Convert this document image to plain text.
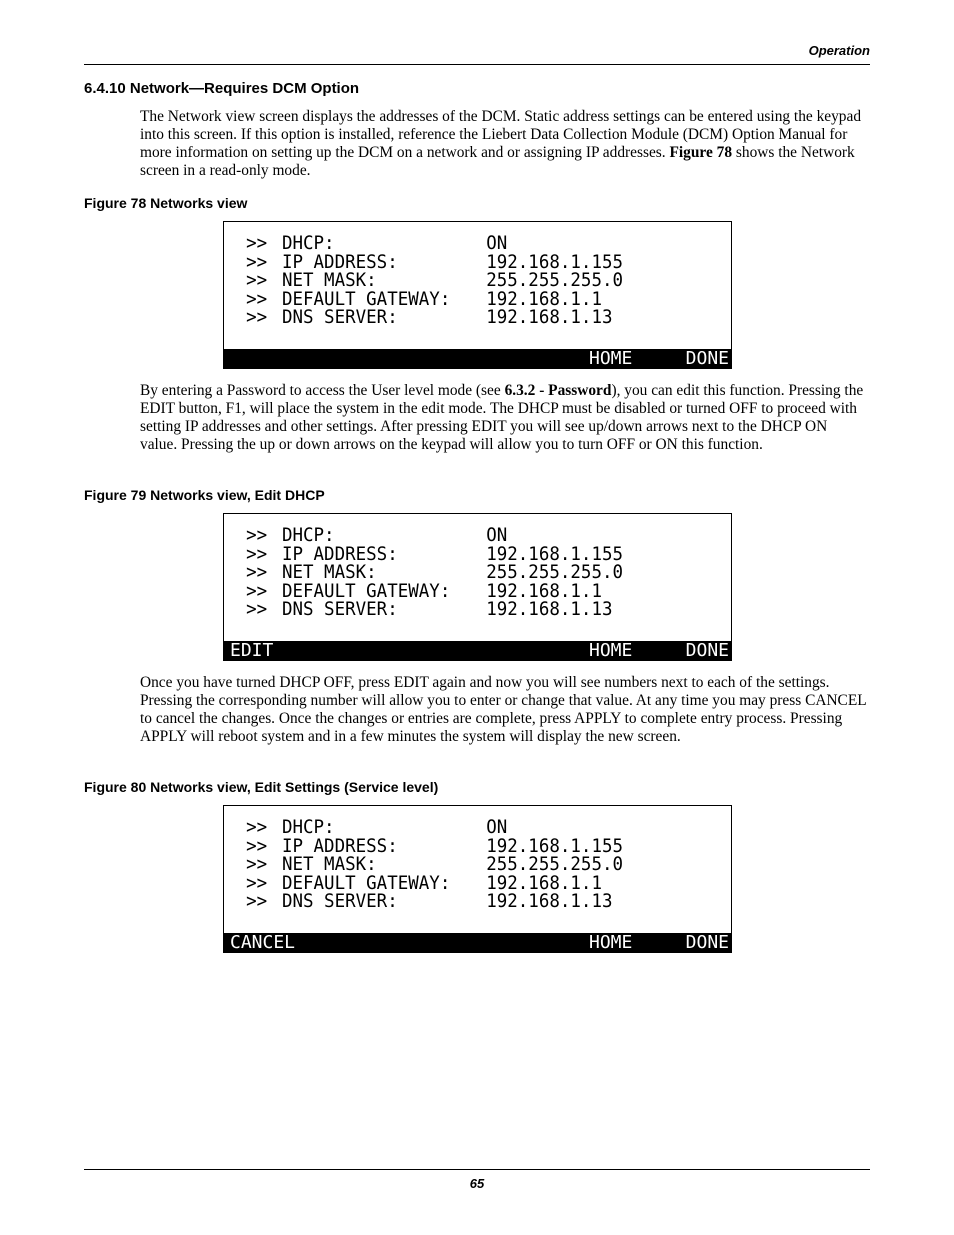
Operation
6.4.10 Network—Requires DCM Option
The Network view screen displays the addresses of the DCM. Static address settings can be entered using the keypad into this screen. If this option is installed, reference the Liebert Data Collection Module (DCM) Option Manual for more information on setting up the DCM on a network and or assigning IP addresses. Figure 78 shows the Network screen in a read-only mode.
Figure 78 Networks view
>> DHCP:	ON
>> IP ADDRESS:	192.168.1.155
>> NET MASK:	255.255.255.0
>> DEFAULT GATEWAY: 192.168.1.1
>> DNS SERVER:	192.168.1.13
HOME	DONE
By entering a Password to access the User level mode (see 6.3.2 - Password), you can edit this function. Pressing the EDIT button, F1, will place the system in the edit mode. The DHCP must be disabled or turned OFF to proceed with setting IP addresses and other settings. After pressing EDIT you will see up/down arrows next to the DHCP ON value. Pressing the up or down arrows on the keypad will allow you to turn OFF or ON this function.
Figure 79 Networks view, Edit DHCP
>> DHCP:	ON
>> IP ADDRESS:	192.168.1.155
>> NET MASK:	255.255.255.0
>> DEFAULT GATEWAY: 192.168.1.1
>> DNS SERVER:	192.168.1.13
EDIT	HOME	DONE
Once you have turned DHCP OFF, press EDIT again and now you will see numbers next to each of the settings. Pressing the corresponding number will allow you to enter or change that value. At any time you may press CANCEL to cancel the changes. Once the changes or entries are complete, press APPLY to complete entry process. Pressing APPLY will reboot system and in a few minutes the system will display the new screen.
Figure 80 Networks view, Edit Settings (Service level)
>> DHCP:	ON
>> IP ADDRESS:	192.168.1.155
>> NET MASK:	255.255.255.0
>> DEFAULT GATEWAY: 192.168.1.1
>> DNS SERVER:	192.168.1.13
CANCEL	HOME	DONE
65
